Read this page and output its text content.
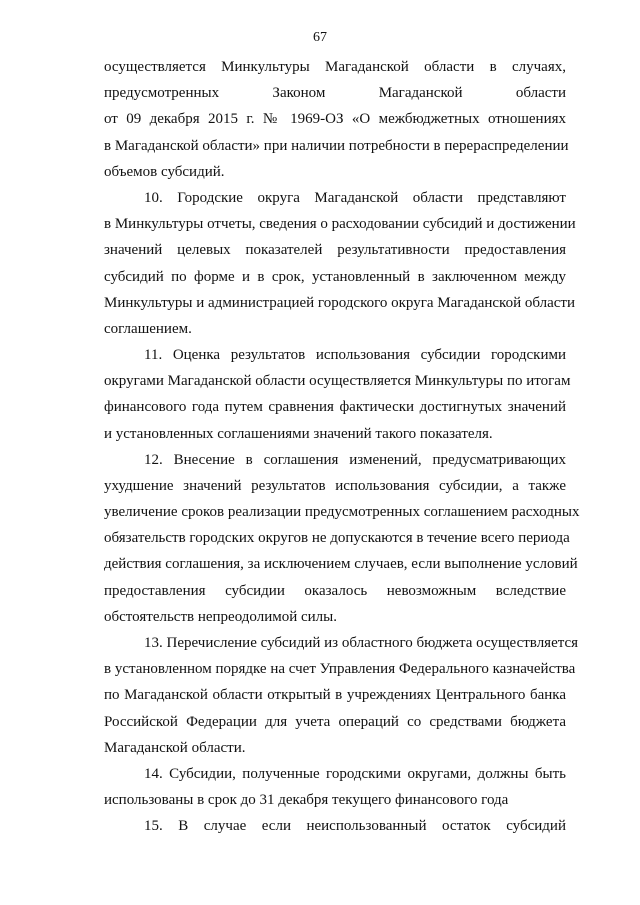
67
осуществляется Минкультуры Магаданской области в случаях,
предусмотренных Законом Магаданской области
от 09 декабря 2015 г. № 1969-ОЗ «О межбюджетных отношениях
в Магаданской области» при наличии потребности в перераспределении
объемов субсидий.
10. Городские округа Магаданской области представляют
в Минкультуры отчеты, сведения о расходовании субсидий и достижении
значений целевых показателей результативности предоставления
субсидий по форме и в срок, установленный в заключенном между
Минкультуры и администрацией городского округа Магаданской области
соглашением.
11. Оценка результатов использования субсидии городскими
округами Магаданской области осуществляется Минкультуры по итогам
финансового года путем сравнения фактически достигнутых значений
и установленных соглашениями значений такого показателя.
12. Внесение в соглашения изменений, предусматривающих
ухудшение значений результатов использования субсидии, а также
увеличение сроков реализации предусмотренных соглашением расходных
обязательств городских округов не допускаются в течение всего периода
действия соглашения, за исключением случаев, если выполнение условий
предоставления субсидии оказалось невозможным вследствие
обстоятельств непреодолимой силы.
13. Перечисление субсидий из областного бюджета осуществляется
в установленном порядке на счет Управления Федерального казначейства
по Магаданской области открытый в учреждениях Центрального банка
Российской Федерации для учета операций со средствами бюджета
Магаданской области.
14. Субсидии, полученные городскими округами, должны быть
использованы в срок до 31 декабря текущего финансового года
15. В случае если неиспользованный остаток субсидий
